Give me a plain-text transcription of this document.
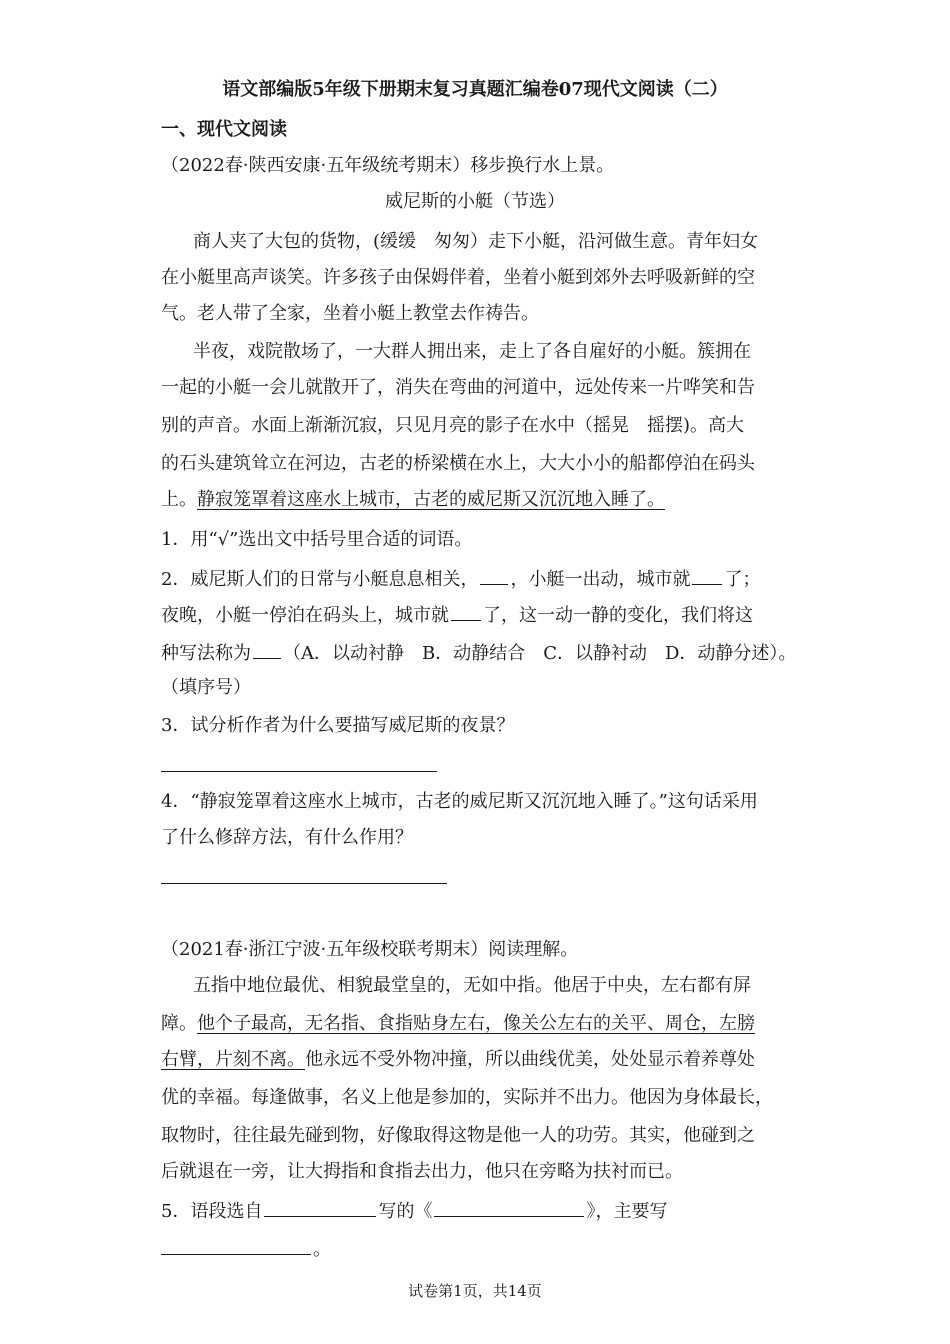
语文部编版5年级下册期末复习真题汇编卷07现代文阅读（二）
一、现代文阅读
（2022春·陕西安康·五年级统考期末）移步换行水上景。
威尼斯的小艇（节选）
商人夹了大包的货物，(缓缓　匆匆）走下小艇，沿河做生意。青年妇女
在小艇里高声谈笑。许多孩子由保姆伴着，坐着小艇到郊外去呼吸新鲜的空
气。老人带了全家，坐着小艇上教堂去作祷告。
半夜，戏院散场了，一大群人拥出来，走上了各自雇好的小艇。簇拥在
一起的小艇一会儿就散开了，消失在弯曲的河道中，远处传来一片哗笑和告
别的声音。水面上渐渐沉寂，只见月亮的影子在水中（摇晃　摇摆)。高大
的石头建筑耸立在河边，古老的桥梁横在水上，大大小小的船都停泊在码头
上。静寂笼罩着这座水上城市，古老的威尼斯又沉沉地入睡了。
1．用“√”选出文中括号里合适的词语。
2．威尼斯人们的日常与小艇息息相关， ，小艇一出动，城市就 了；
夜晚，小艇一停泊在码头上，城市就 了，这一动一静的变化，我们将这
种写法称为 （A．以动衬静　B．动静结合　C．以静衬动　D．动静分述）。
（填序号）
3．试分析作者为什么要描写威尼斯的夜景？
4．“静寂笼罩着这座水上城市，古老的威尼斯又沉沉地入睡了。”这句话采用
了什么修辞方法，有什么作用？
（2021春·浙江宁波·五年级校联考期末）阅读理解。
五指中地位最优、相貌最堂皇的，无如中指。他居于中央，左右都有屏
障。他个子最高，无名指、食指贴身左右，像关公左右的关平、周仓，左膀
右臂，片刻不离。他永远不受外物冲撞，所以曲线优美，处处显示着养尊处
优的幸福。每逢做事，名义上他是参加的，实际并不出力。他因为身体最长，
取物时，往往最先碰到物，好像取得这物是他一人的功劳。其实，他碰到之
后就退在一旁，让大拇指和食指去出力，他只在旁略为扶衬而已。
5．语段选自	写的《	》，主要写
。
试卷第1页，共14页
